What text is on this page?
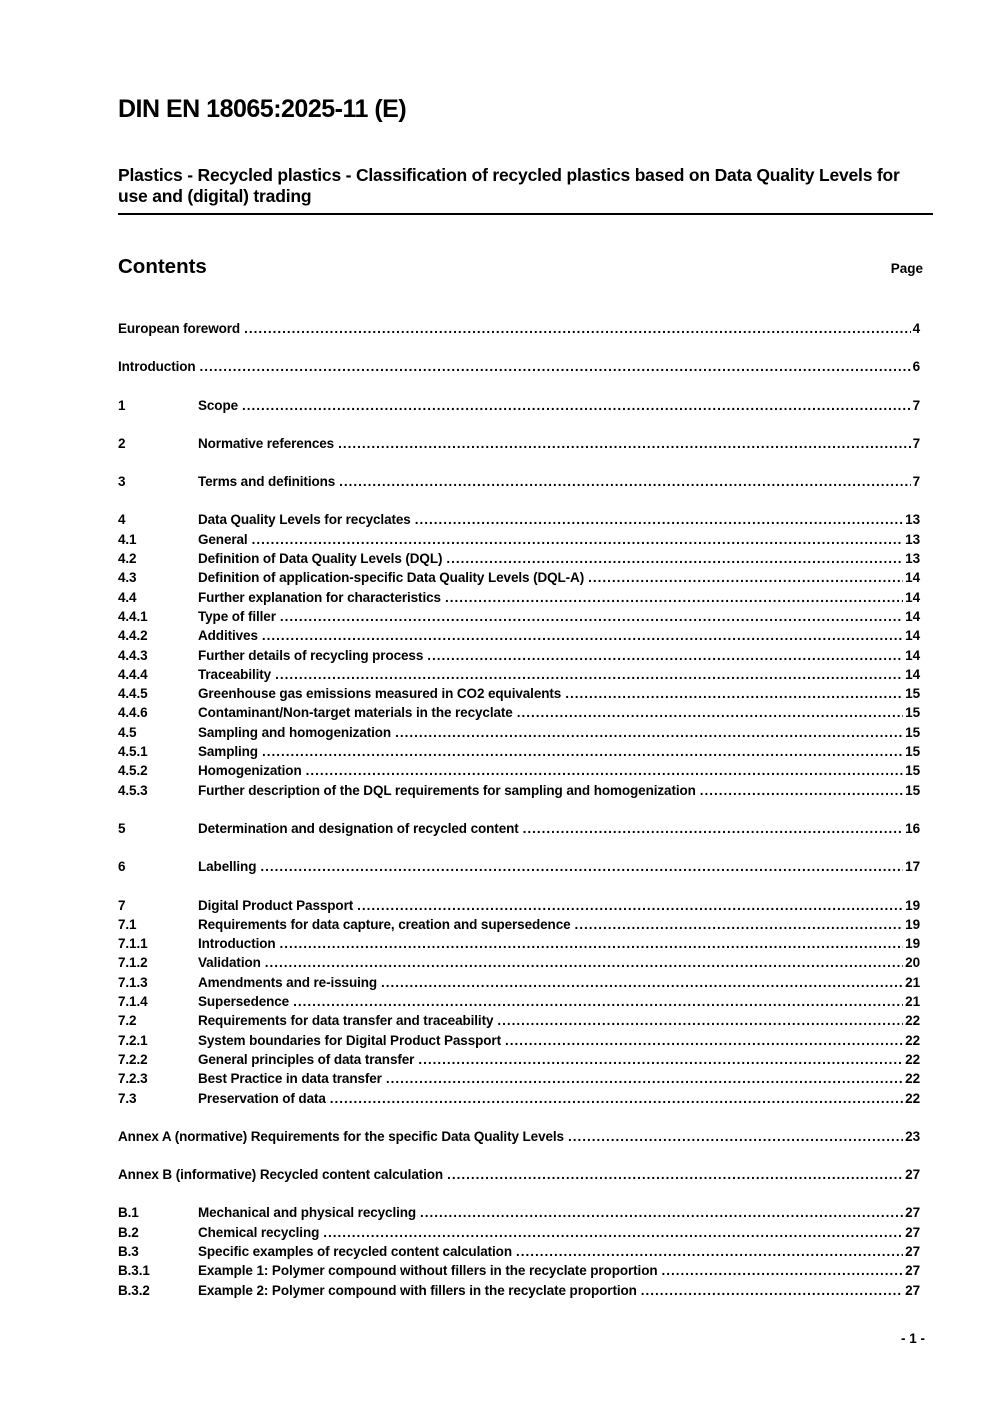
DIN EN 18065:2025-11 (E)
Plastics - Recycled plastics - Classification of recycled plastics based on Data Quality Levels for use and (digital) trading
Contents	Page
European foreword .....	4
Introduction .....	6
1	Scope .....	7
2	Normative references .....	7
3	Terms and definitions .....	7
4	Data Quality Levels for recyclates .....	13
4.1	General .....	13
4.2	Definition of Data Quality Levels (DQL) .....	13
4.3	Definition of application-specific Data Quality Levels (DQL-A) .....	14
4.4	Further explanation for characteristics .....	14
4.4.1	Type of filler .....	14
4.4.2	Additives .....	14
4.4.3	Further details of recycling process .....	14
4.4.4	Traceability .....	14
4.4.5	Greenhouse gas emissions measured in CO2 equivalents .....	15
4.4.6	Contaminant/Non-target materials in the recyclate .....	15
4.5	Sampling and homogenization .....	15
4.5.1	Sampling .....	15
4.5.2	Homogenization .....	15
4.5.3	Further description of the DQL requirements for sampling and homogenization .....	15
5	Determination and designation of recycled content .....	16
6	Labelling .....	17
7	Digital Product Passport .....	19
7.1	Requirements for data capture, creation and supersedence .....	19
7.1.1	Introduction .....	19
7.1.2	Validation .....	20
7.1.3	Amendments and re-issuing .....	21
7.1.4	Supersedence .....	21
7.2	Requirements for data transfer and traceability .....	22
7.2.1	System boundaries for Digital Product Passport .....	22
7.2.2	General principles of data transfer .....	22
7.2.3	Best Practice in data transfer .....	22
7.3	Preservation of data .....	22
Annex A (normative) Requirements for the specific Data Quality Levels .....	23
Annex B (informative) Recycled content calculation .....	27
B.1	Mechanical and physical recycling .....	27
B.2	Chemical recycling .....	27
B.3	Specific examples of recycled content calculation .....	27
B.3.1	Example 1: Polymer compound without fillers in the recyclate proportion .....	27
B.3.2	Example 2: Polymer compound with fillers in the recyclate proportion .....	27
- 1 -
